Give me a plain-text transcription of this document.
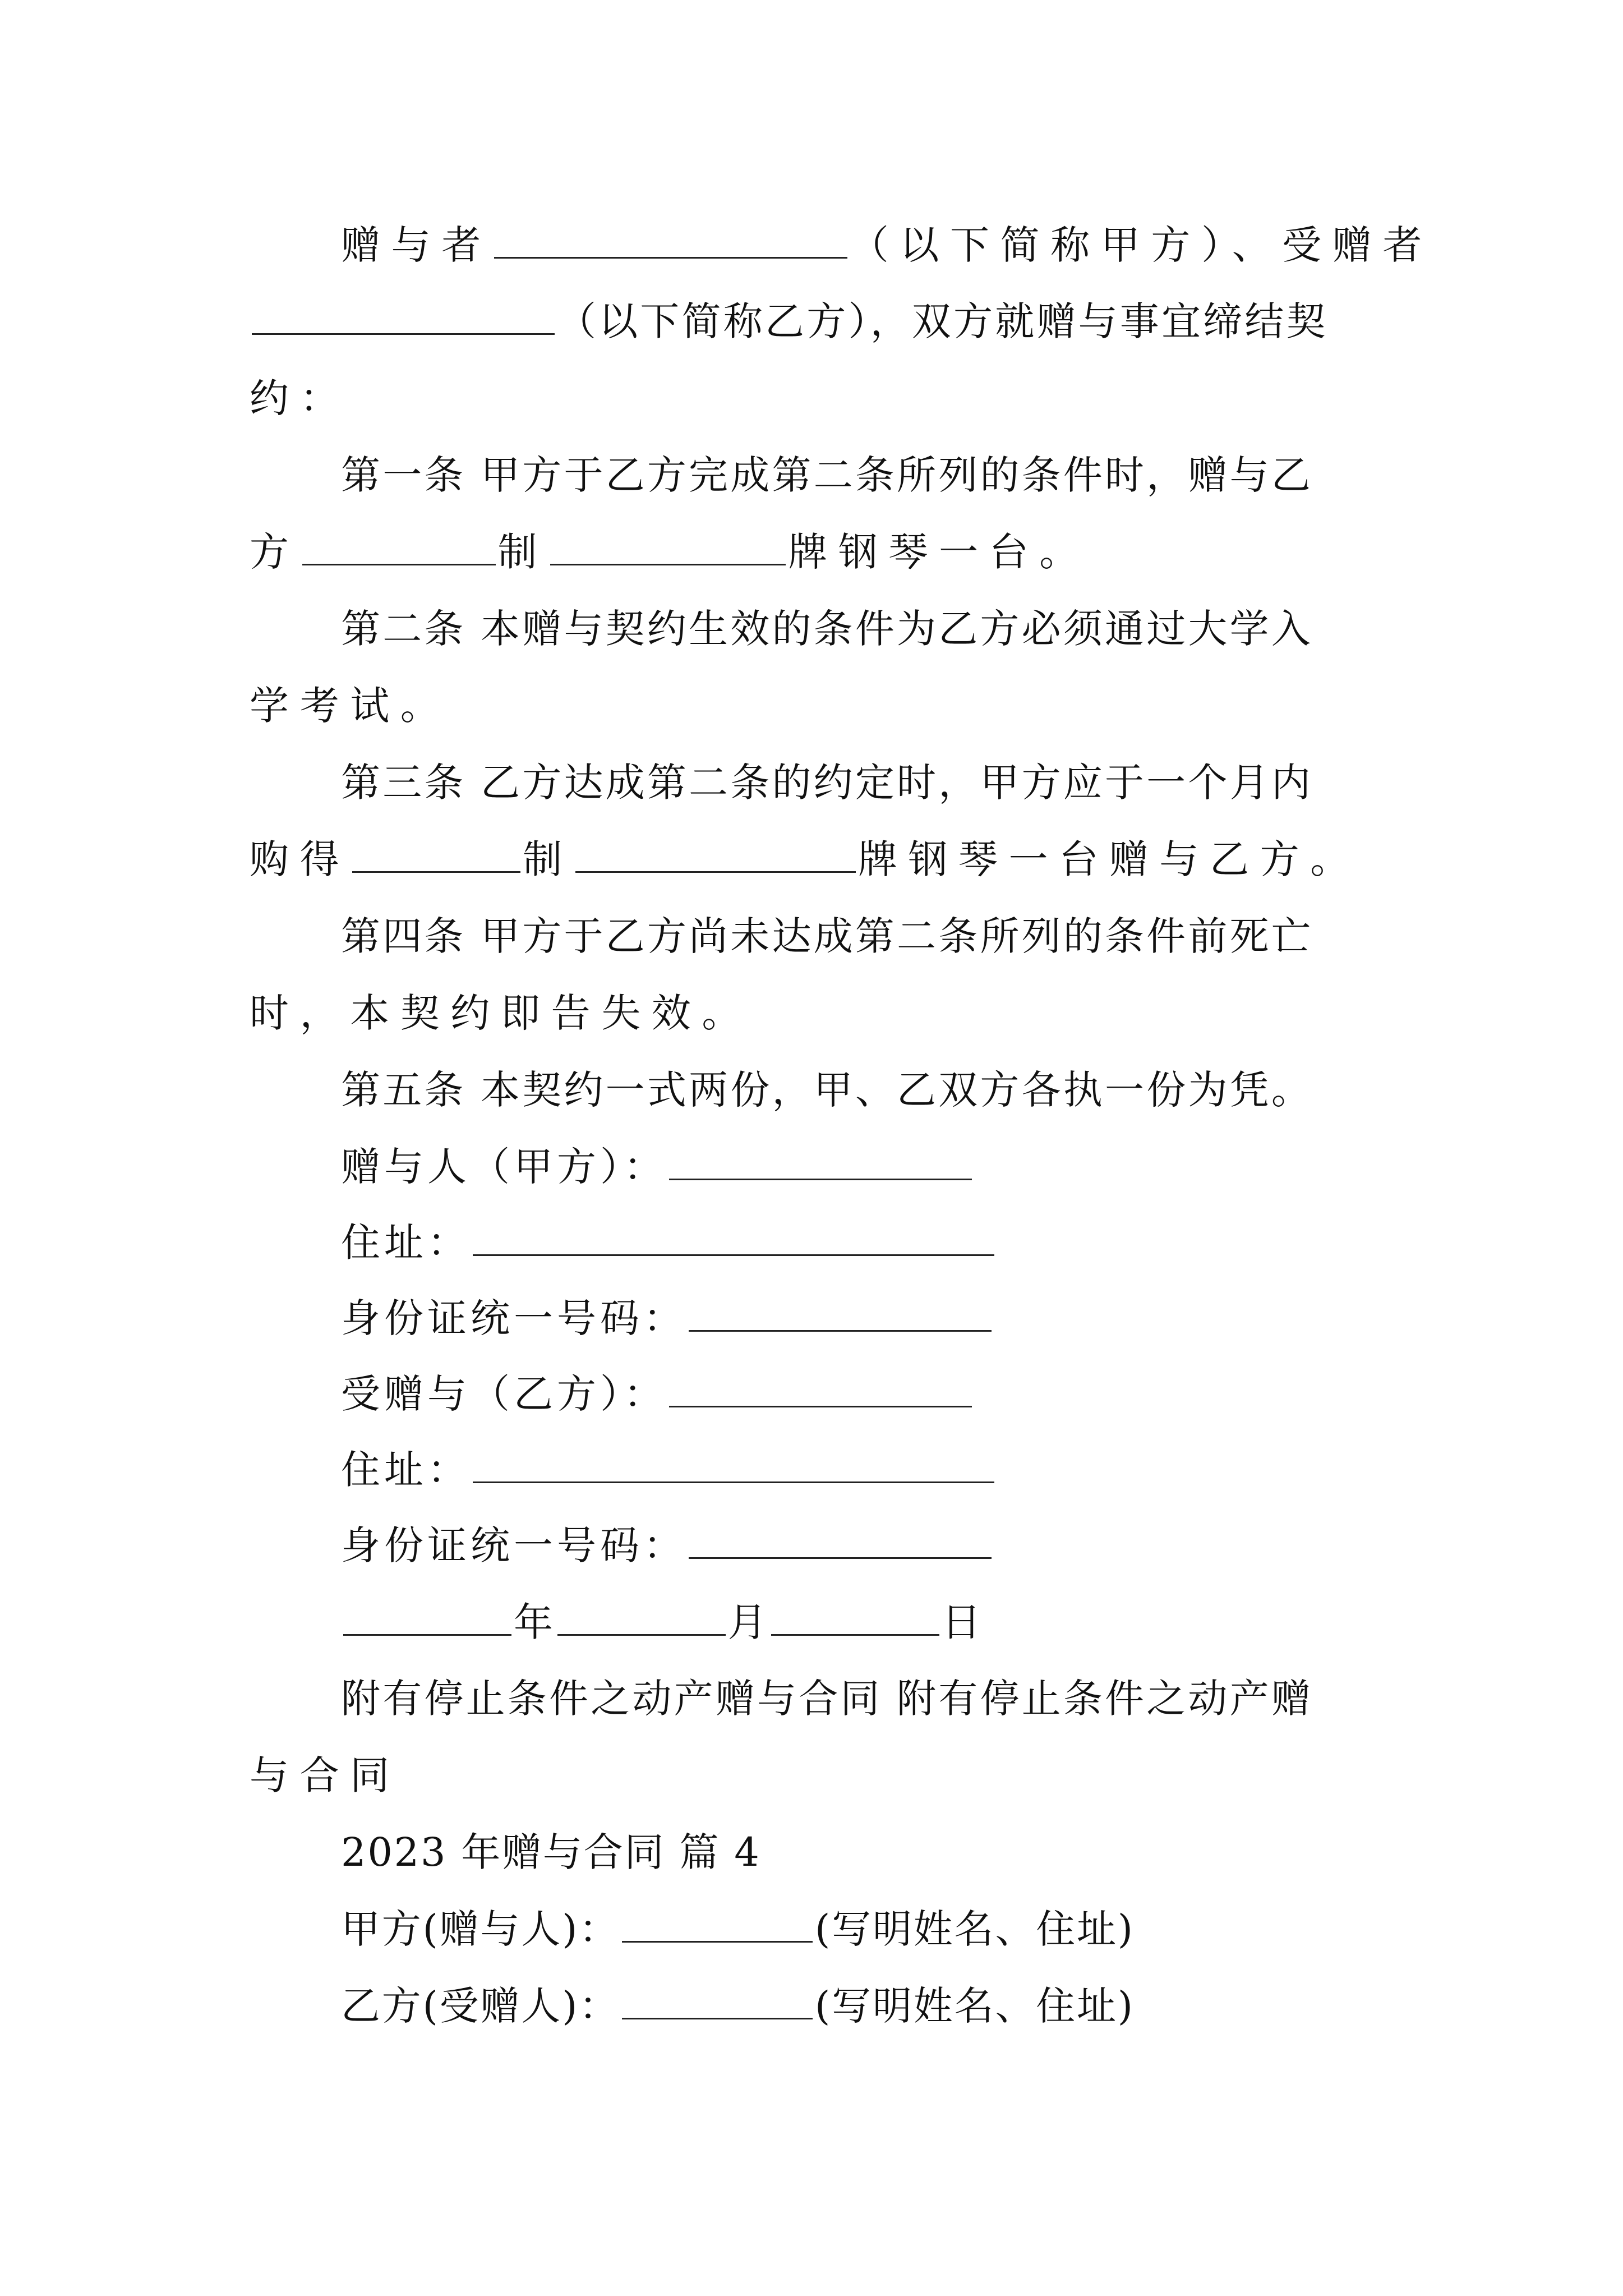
赠与者	（以下简称甲方）、受赠者
（以下简称乙方），双方就赠与事宜缔结契
约：
第一条 甲方于乙方完成第二条所列的条件时，赠与乙
方	制	牌钢琴一台。
第二条 本赠与契约生效的条件为乙方必须通过大学入
学考试。
第三条 乙方达成第二条的约定时，甲方应于一个月内
购得	制	牌钢琴一台赠与乙方。
第四条 甲方于乙方尚未达成第二条所列的条件前死亡
时，本契约即告失效。
第五条 本契约一式两份，甲、乙双方各执一份为凭。
赠与人（甲方）：
住址：
身份证统一号码：
受赠与（乙方）：
住址：
身份证统一号码：
年	月	日
附有停止条件之动产赠与合同 附有停止条件之动产赠
与合同
2023 年赠与合同 篇 4
甲方(赠与人)：	(写明姓名、住址)
乙方(受赠人)：	(写明姓名、住址)
